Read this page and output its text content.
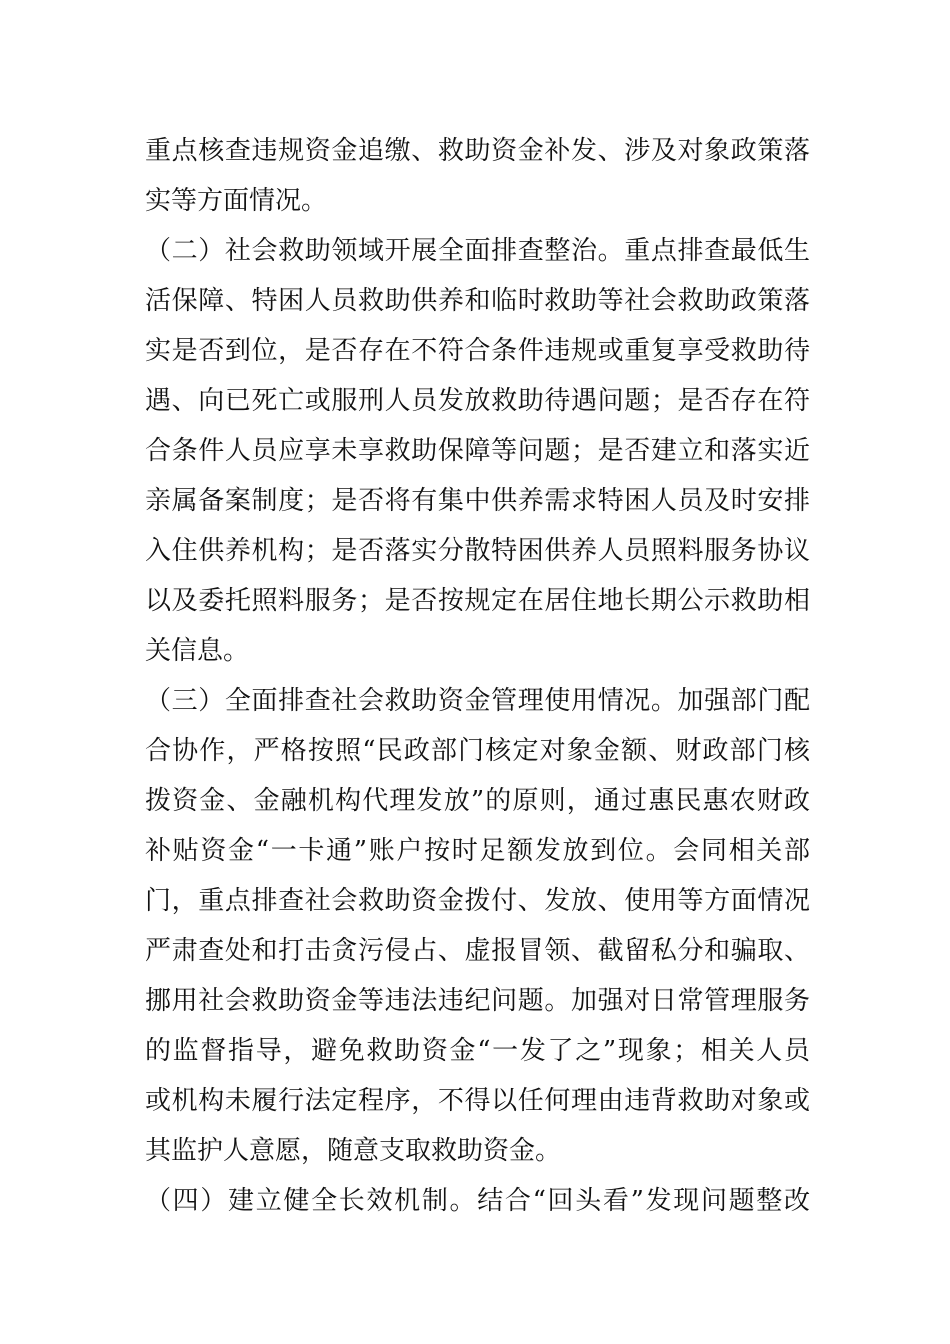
重点核查违规资金追缴、救助资金补发、涉及对象政策落
实等方面情况。
（二）社会救助领域开展全面排查整治。重点排查最低生
活保障、特困人员救助供养和临时救助等社会救助政策落
实是否到位，是否存在不符合条件违规或重复享受救助待
遇、向已死亡或服刑人员发放救助待遇问题；是否存在符
合条件人员应享未享救助保障等问题；是否建立和落实近
亲属备案制度；是否将有集中供养需求特困人员及时安排
入住供养机构；是否落实分散特困供养人员照料服务协议
以及委托照料服务；是否按规定在居住地长期公示救助相
关信息。
（三）全面排查社会救助资金管理使用情况。加强部门配
合协作，严格按照“民政部门核定对象金额、财政部门核
拨资金、金融机构代理发放”的原则，通过惠民惠农财政
补贴资金“一卡通”账户按时足额发放到位。会同相关部
门，重点排查社会救助资金拨付、发放、使用等方面情况
严肃查处和打击贪污侵占、虚报冒领、截留私分和骗取、
挪用社会救助资金等违法违纪问题。加强对日常管理服务
的监督指导，避免救助资金“一发了之”现象；相关人员
或机构未履行法定程序，不得以任何理由违背救助对象或
其监护人意愿，随意支取救助资金。
（四）建立健全长效机制。结合“回头看”发现问题整改
